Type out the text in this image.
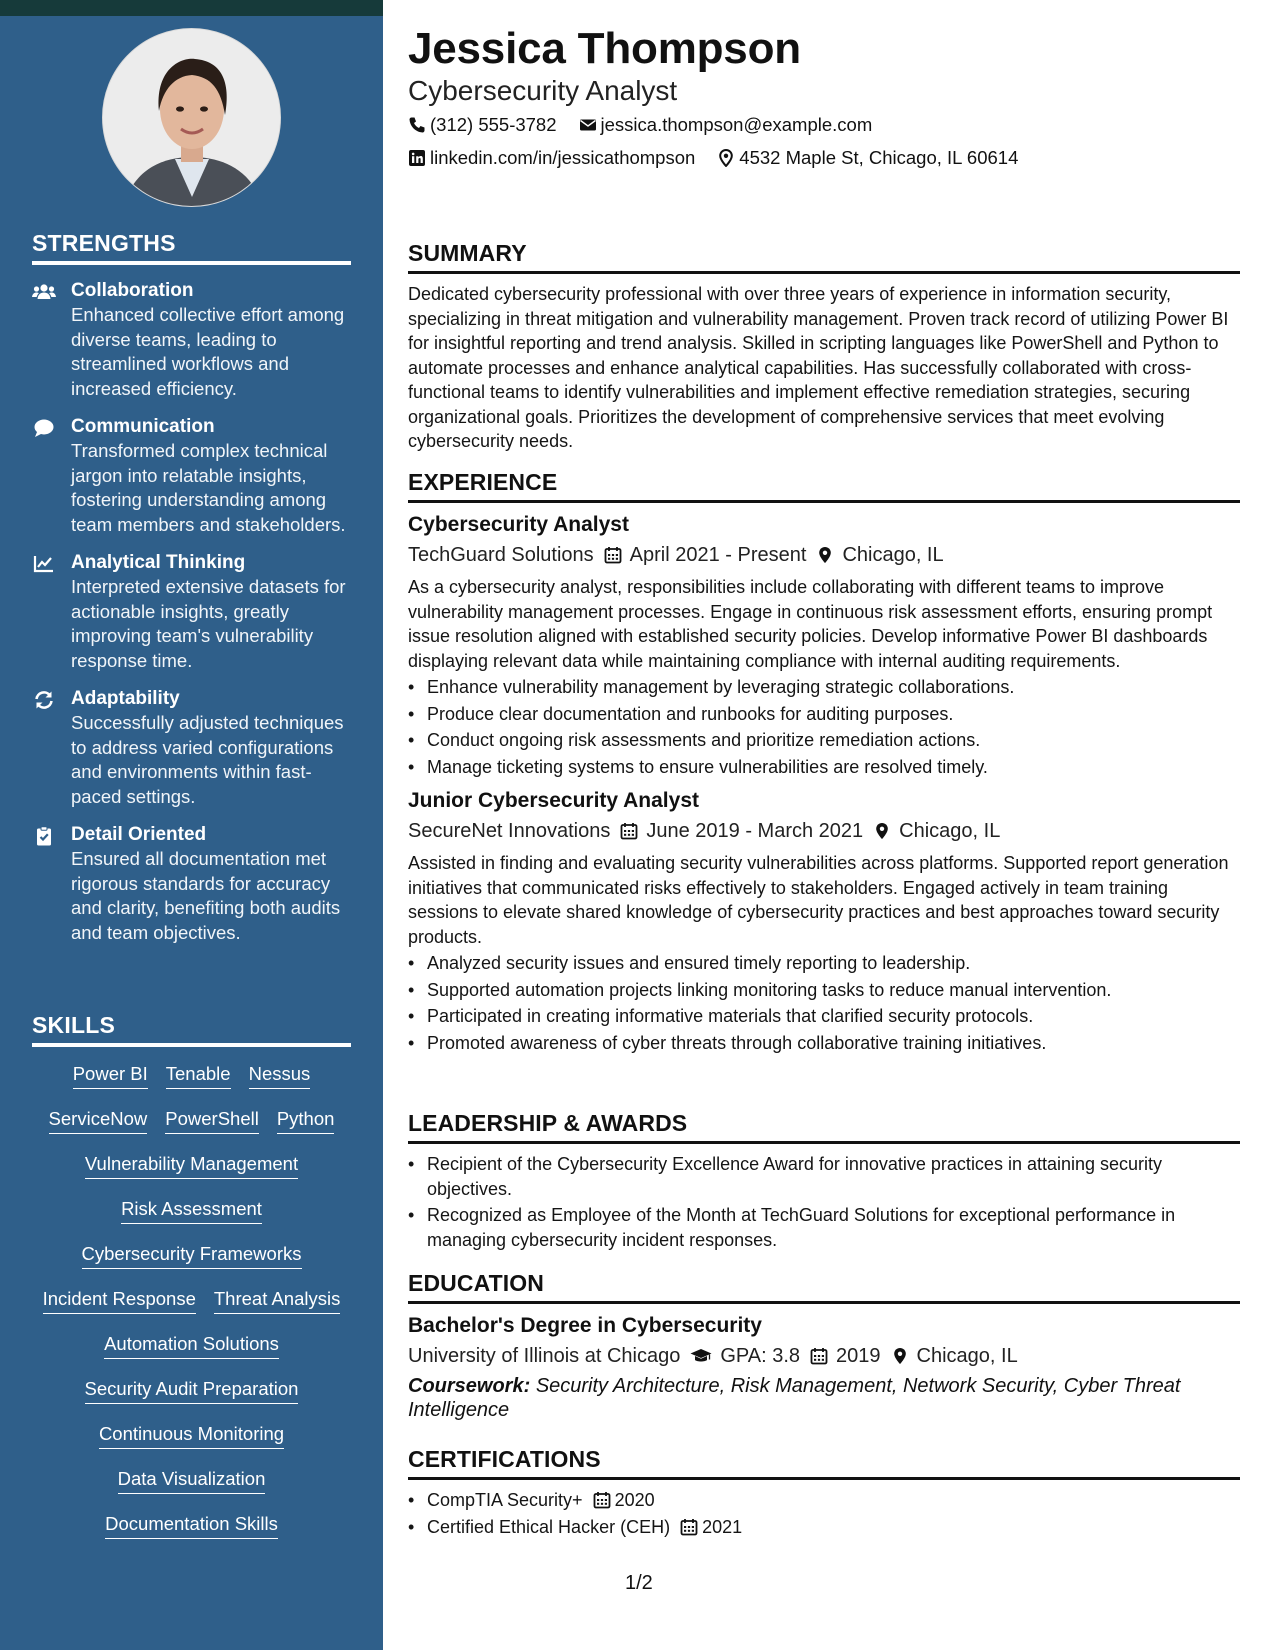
STRENGTHS
Collaboration
Enhanced collective effort among diverse teams, leading to streamlined workflows and increased efficiency.
Communication
Transformed complex technical jargon into relatable insights, fostering understanding among team members and stakeholders.
Analytical Thinking
Interpreted extensive datasets for actionable insights, greatly improving team's vulnerability response time.
Adaptability
Successfully adjusted techniques to address varied configurations and environments within fast-paced settings.
Detail Oriented
Ensured all documentation met rigorous standards for accuracy and clarity, benefiting both audits and team objectives.
SKILLS
Power BI Tenable Nessus
ServiceNow PowerShell Python
Vulnerability Management
Risk Assessment
Cybersecurity Frameworks
Incident Response Threat Analysis
Automation Solutions
Security Audit Preparation
Continuous Monitoring
Data Visualization
Documentation Skills
Jessica Thompson
Cybersecurity Analyst
(312) 555-3782 jessica.thompson@example.com
linkedin.com/in/jessicathompson 4532 Maple St, Chicago, IL 60614
SUMMARY

Dedicated cybersecurity professional with over three years of experience in information security, specializing in threat mitigation and vulnerability management. Proven track record of utilizing Power BI for insightful reporting and trend analysis. Skilled in scripting languages like PowerShell and Python to automate processes and enhance analytical capabilities. Has successfully collaborated with cross-functional teams to identify vulnerabilities and implement effective remediation strategies, securing organizational goals. Prioritizes the development of comprehensive services that meet evolving cybersecurity needs.

EXPERIENCE
Cybersecurity Analyst
TechGuard Solutions April 2021 - Present Chicago, IL

As a cybersecurity analyst, responsibilities include collaborating with different teams to improve vulnerability management processes. Engage in continuous risk assessment efforts, ensuring prompt issue resolution aligned with established security policies. Develop informative Power BI dashboards displaying relevant data while maintaining compliance with internal auditing requirements.

• Enhance vulnerability management by leveraging strategic collaborations.
• Produce clear documentation and runbooks for auditing purposes.
• Conduct ongoing risk assessments and prioritize remediation actions.
• Manage ticketing systems to ensure vulnerabilities are resolved timely.
Junior Cybersecurity Analyst
SecureNet Innovations June 2019 - March 2021 Chicago, IL

Assisted in finding and evaluating security vulnerabilities across platforms. Supported report generation initiatives that communicated risks effectively to stakeholders. Engaged actively in team training sessions to elevate shared knowledge of cybersecurity practices and best approaches toward security products.

• Analyzed security issues and ensured timely reporting to leadership.
• Supported automation projects linking monitoring tasks to reduce manual intervention.
• Participated in creating informative materials that clarified security protocols.
• Promoted awareness of cyber threats through collaborative training initiatives.
LEADERSHIP & AWARDS
• Recipient of the Cybersecurity Excellence Award for innovative practices in attaining security objectives.
• Recognized as Employee of the Month at TechGuard Solutions for exceptional performance in managing cybersecurity incident responses.
EDUCATION
Bachelor's Degree in Cybersecurity
University of Illinois at Chicago GPA: 3.8 2019 Chicago, IL
Coursework: Security Architecture, Risk Management, Network Security, Cyber Threat Intelligence
CERTIFICATIONS
• CompTIA Security+ 2020
• Certified Ethical Hacker (CEH) 2021
1/2
